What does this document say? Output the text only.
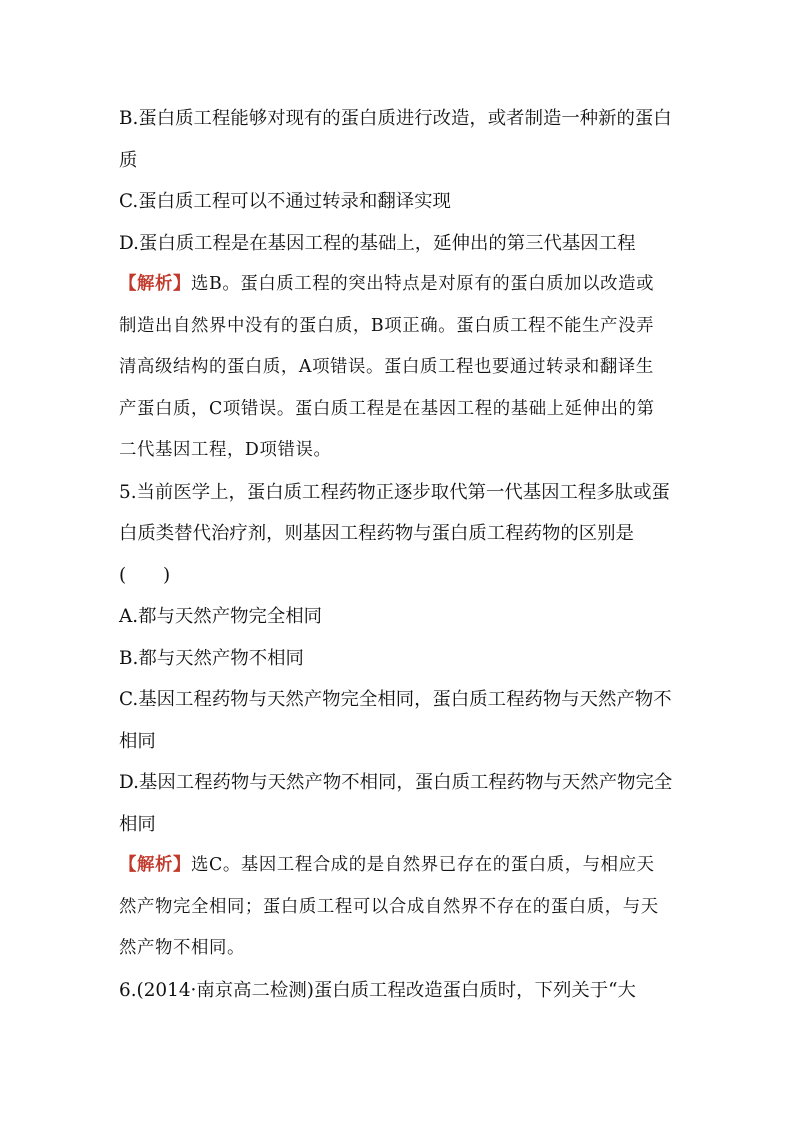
B.蛋白质工程能够对现有的蛋白质进行改造，或者制造一种新的蛋白
质
C.蛋白质工程可以不通过转录和翻译实现
D.蛋白质工程是在基因工程的基础上，延伸出的第三代基因工程
【解析】选B。蛋白质工程的突出特点是对原有的蛋白质加以改造或
制造出自然界中没有的蛋白质，B项正确。蛋白质工程不能生产没弄
清高级结构的蛋白质，A项错误。蛋白质工程也要通过转录和翻译生
产蛋白质，C项错误。蛋白质工程是在基因工程的基础上延伸出的第
二代基因工程，D项错误。
5.当前医学上，蛋白质工程药物正逐步取代第一代基因工程多肽或蛋
白质类替代治疗剂，则基因工程药物与蛋白质工程药物的区别是
(　　)
A.都与天然产物完全相同
B.都与天然产物不相同
C.基因工程药物与天然产物完全相同，蛋白质工程药物与天然产物不
相同
D.基因工程药物与天然产物不相同，蛋白质工程药物与天然产物完全
相同
【解析】选C。基因工程合成的是自然界已存在的蛋白质，与相应天
然产物完全相同；蛋白质工程可以合成自然界不存在的蛋白质，与天
然产物不相同。
6.(2014·南京高二检测)蛋白质工程改造蛋白质时，下列关于“大
